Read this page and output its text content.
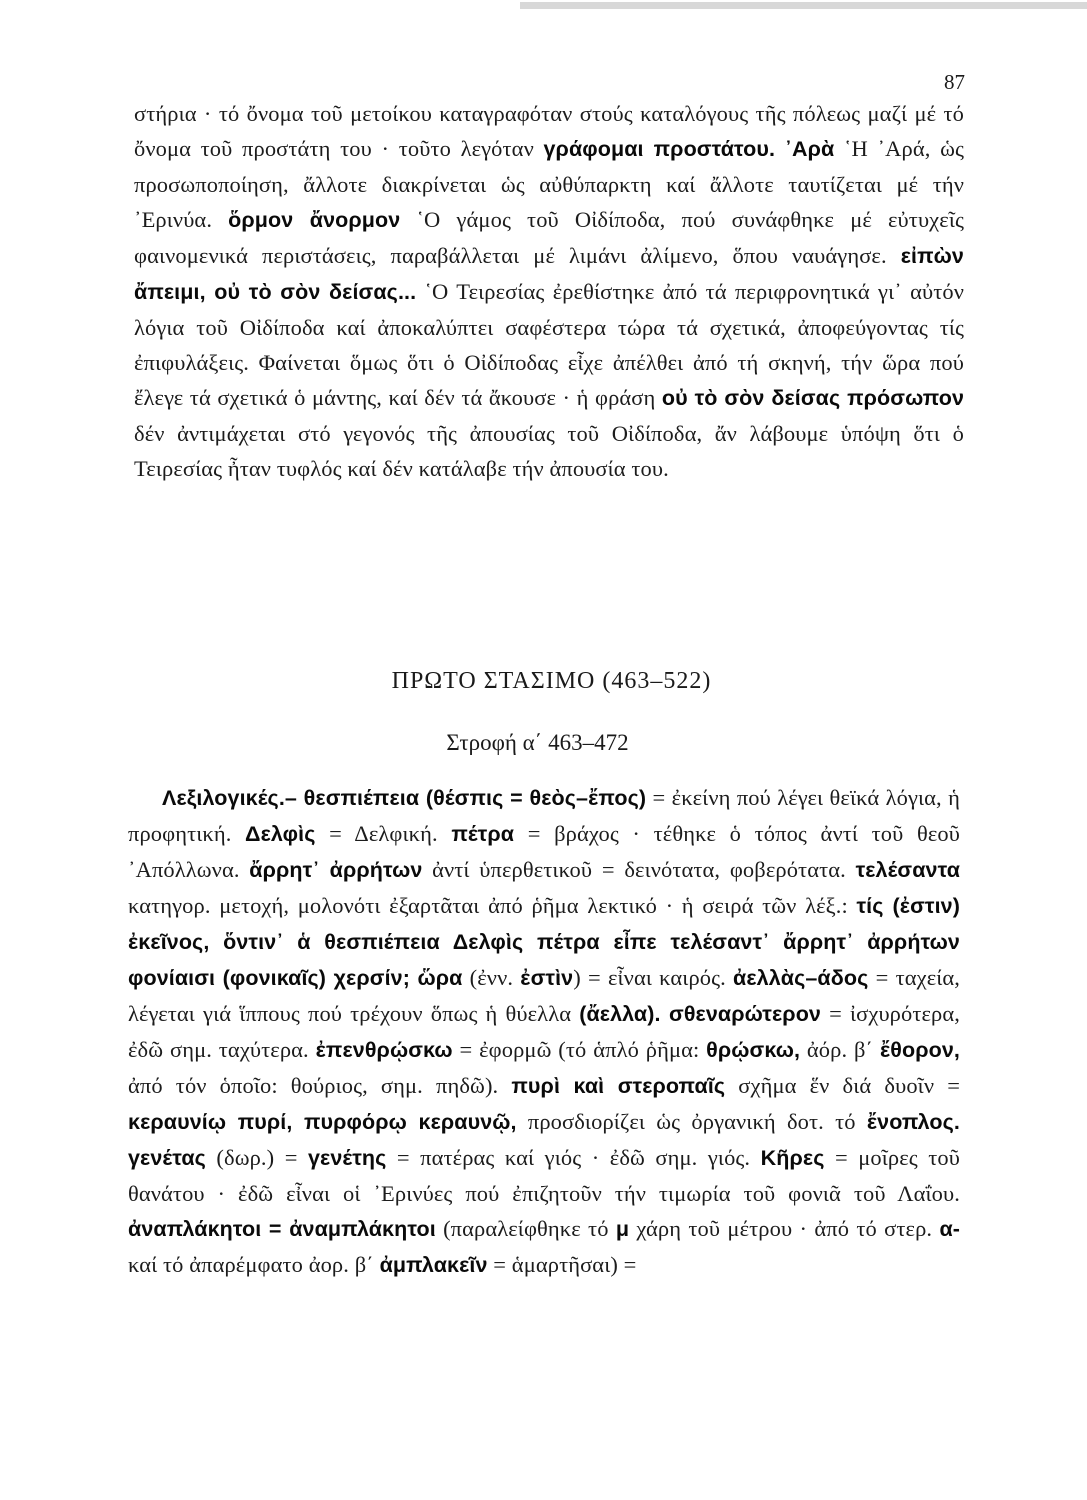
87
στήρια · τό ὄνομα τοῦ μετοίκου καταγραφόταν στούς καταλόγους τῆς πόλεως μαζί μέ τό ὄνομα τοῦ προστάτη του · τοῦτο λεγόταν γράφομαι προστάτου. ᾿Αρὰ ῾Η ᾿Αρά, ὡς προσωποποίηση, ἄλλοτε διακρίνεται ὡς αὐθύπαρκτη καί ἄλλοτε ταυτίζεται μέ τήν ᾿Ερινύα. ὅρμον ἄνορμον ῾Ο γάμος τοῦ Οἰδίποδα, πού συνάφθηκε μέ εὐτυχεῖς φαινομενικά περιστάσεις, παραβάλλεται μέ λιμάνι ἀλίμενο, ὅπου ναυάγησε. εἰπὼν ἄπειμι, οὐ τὸ σὸν δείσας... ῾Ο Τειρεσίας ἐρεθίστηκε ἀπό τά περιφρονητικά γι᾿ αὐτόν λόγια τοῦ Οἰδίποδα καί ἀποκαλύπτει σαφέστερα τώρα τά σχετικά, ἀποφεύγοντας τίς ἐπιφυλάξεις. Φαίνεται ὅμως ὅτι ὁ Οἰδίποδας εἶχε ἀπέλθει ἀπό τή σκηνή, τήν ὥρα πού ἔλεγε τά σχετικά ὁ μάντης, καί δέν τά ἄκουσε · ἡ φράση οὐ τὸ σὸν δείσας πρόσωπον δέν ἀντιμάχεται στό γεγονός τῆς ἀπουσίας τοῦ Οἰδίποδα, ἄν λάβουμε ὑπόψη ὅτι ὁ Τειρεσίας ἦταν τυφλός καί δέν κατάλαβε τήν ἀπουσία του.
ΠΡΩΤΟ ΣΤΑΣΙΜΟ (463–522)
Στροφή α΄ 463–472
Λεξιλογικές.– θεσπιέπεια (θέσπις = θεὸς–ἔπος) = ἐκείνη πού λέγει θεϊκά λόγια, ἡ προφητική. Δελφὶς = Δελφική. πέτρα = βράχος · τέθηκε ὁ τόπος ἀντί τοῦ θεοῦ ᾿Απόλλωνα. ἄρρητ᾿ ἀρρήτων ἀντί ὑπερθετικοῦ = δεινότατα, φοβερότατα. τελέσαντα κατηγορ. μετοχή, μολονότι ἐξαρτᾶται ἀπό ῥῆμα λεκτικό · ἡ σειρά τῶν λέξ.: τίς (ἐστιν) ἐκεῖνος, ὅντιν᾿ ἁ θεσπιέπεια Δελφὶς πέτρα εἶπε τελέσαντ᾿ ἄρρητ᾿ ἀρρήτων φονίαισι (φονικαῖς) χερσίν; ὥρα (ἐνν. ἐστὶν) = εἶναι καιρός. ἀελλὰς–άδος = ταχεία, λέγεται γιά ἵππους πού τρέχουν ὅπως ἡ θύελλα (ἄελλα). σθεναρώτερον = ἰσχυρότερα, ἐδῶ σημ. ταχύτερα. ἐπενθρῴσκω = ἐφορμῶ (τό ἁπλό ῥῆμα: θρῴσκω, ἀόρ. β΄ ἔθορον, ἀπό τόν ὁποῖο: θούριος, σημ. πηδῶ). πυρὶ καὶ στεροπαῖς σχῆμα ἕν διά δυοῖν = κεραυνίῳ πυρί, πυρφόρῳ κεραυνῷ, προσδιορίζει ὡς ὀργανική δοτ. τό ἔνοπλος. γενέτας (δωρ.) = γενέτης = πατέρας καί γιός · ἐδῶ σημ. γιός. Κῆρες = μοῖρες τοῦ θανάτου · ἐδῶ εἶναι οἱ ᾿Ερινύες πού ἐπιζητοῦν τήν τιμωρία τοῦ φονιᾶ τοῦ Λαΐου. ἀναπλάκητοι = ἀναμπλάκητοι (παραλείφθηκε τό μ χάρη τοῦ μέτρου · ἀπό τό στερ. α- καί τό ἀπαρέμφατο ἀορ. β΄ ἀμπλακεῖν = ἁμαρτῆσαι) =
